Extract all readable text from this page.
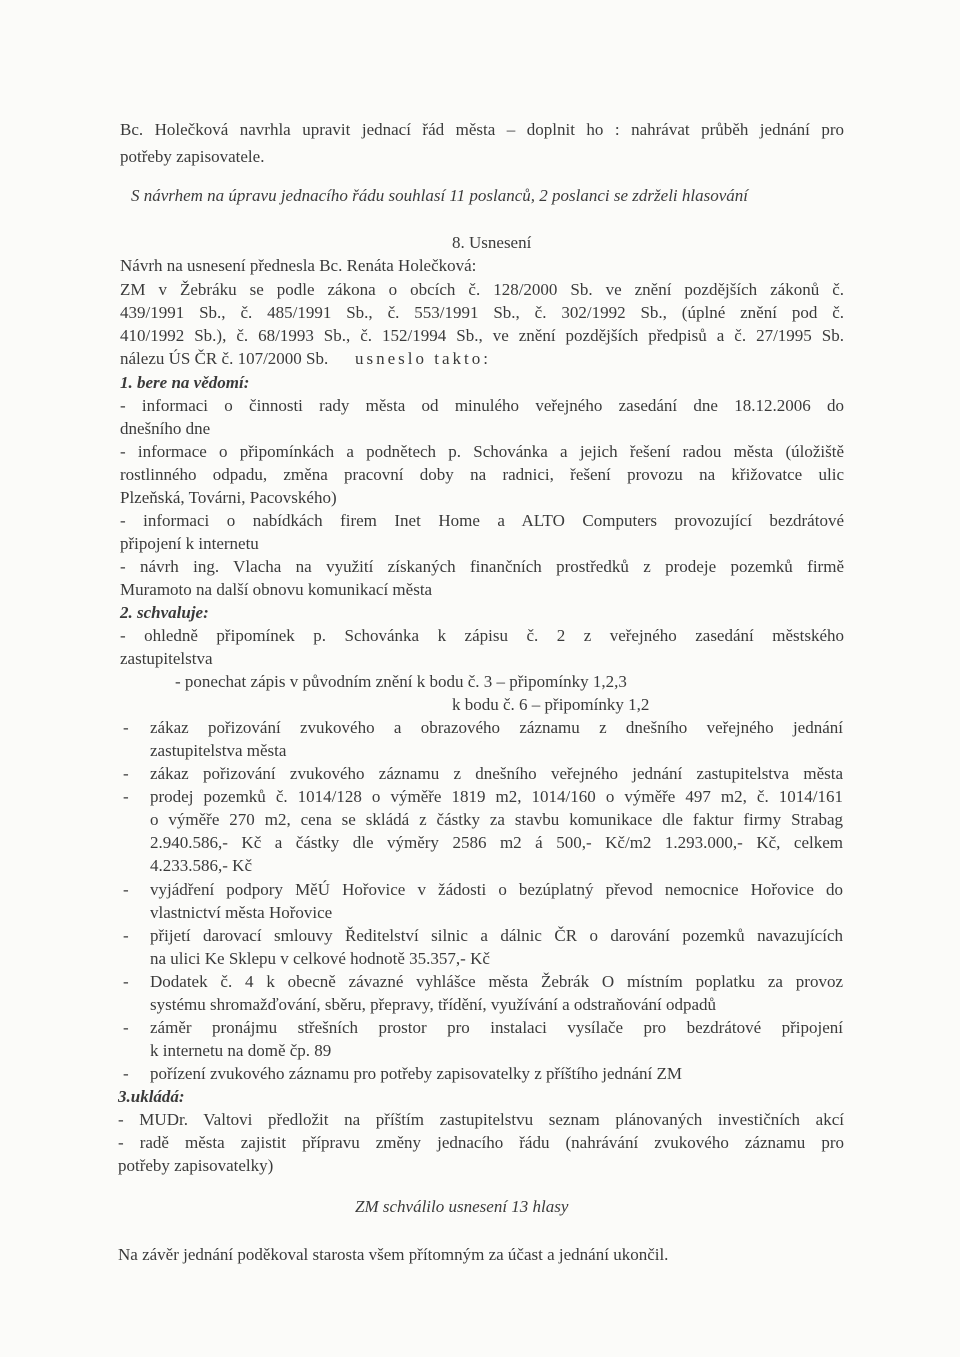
Bc. Holečková navrhla upravit jednací řád města – doplnit ho : nahrávat průběh jednání pro
potřeby zapisovatele.
S návrhem na úpravu jednacího řádu souhlasí 11 poslanců, 2 poslanci se zdrželi hlasování
8. Usnesení
Návrh na usnesení přednesla Bc. Renáta Holečková:
ZM v Žebráku se podle zákona o obcích č. 128/2000 Sb. ve znění pozdějších zákonů č.
439/1991 Sb., č. 485/1991 Sb., č. 553/1991 Sb., č. 302/1992 Sb., (úplné znění pod č.
410/1992 Sb.), č. 68/1993 Sb., č. 152/1994 Sb., ve znění pozdějších předpisů a č. 27/1995 Sb.
nálezu ÚS ČR č. 107/2000 Sb. usneslo takto:
1. bere na vědomí:
- informaci o činnosti rady města od minulého veřejného zasedání dne 18.12.2006 do
dnešního dne
- informace o připomínkách a podnětech p. Schovánka a jejich řešení radou města (úložiště
rostlinného odpadu, změna pracovní doby na radnici, řešení provozu na křižovatce ulic
Plzeňská, Továrni, Pacovského)
- informaci o nabídkách firem Inet Home a ALTO Computers provozující bezdrátové
připojení k internetu
- návrh ing. Vlacha na využití získaných finančních prostředků z prodeje pozemků firmě
Muramoto na další obnovu komunikací města
2. schvaluje:
- ohledně připomínek p. Schovánka k zápisu č. 2 z veřejného zasedání městského
zastupitelstva
- ponechat zápis v původním znění k bodu č. 3 – připomínky 1,2,3
k bodu č. 6 – připomínky 1,2
- zákaz pořizování zvukového a obrazového záznamu z dnešního veřejného jednání
zastupitelstva města
- zákaz pořizování zvukového záznamu z dnešního veřejného jednání zastupitelstva města
- prodej pozemků č. 1014/128 o výměře 1819 m2, 1014/160 o výměře 497 m2, č. 1014/161
o výměře 270 m2, cena se skládá z částky za stavbu komunikace dle faktur firmy Strabag
2.940.586,- Kč a částky dle výměry 2586 m2 á 500,- Kč/m2 1.293.000,- Kč, celkem
4.233.586,- Kč
- vyjádření podpory MěÚ Hořovice v žádosti o bezúplatný převod nemocnice Hořovice do
vlastnictví města Hořovice
- přijetí darovací smlouvy Ředitelství silnic a dálnic ČR o darování pozemků navazujících
na ulici Ke Sklepu v celkové hodnotě 35.357,- Kč
- Dodatek č. 4 k obecně závazné vyhlášce města Žebrák O místním poplatku za provoz
systému shromažďování, sběru, přepravy, třídění, využívání a odstraňování odpadů
- záměr pronájmu střešních prostor pro instalaci vysílače pro bezdrátové připojení
k internetu na domě čp. 89
- pořízení zvukového záznamu pro potřeby zapisovatelky z příštího jednání ZM
3.ukládá:
- MUDr. Valtovi předložit na příštím zastupitelstvu seznam plánovaných investičních akcí
- radě města zajistit přípravu změny jednacího řádu (nahrávání zvukového záznamu pro
potřeby zapisovatelky)
ZM schválilo usnesení 13 hlasy
Na závěr jednání poděkoval starosta všem přítomným za účast a jednání ukončil.
